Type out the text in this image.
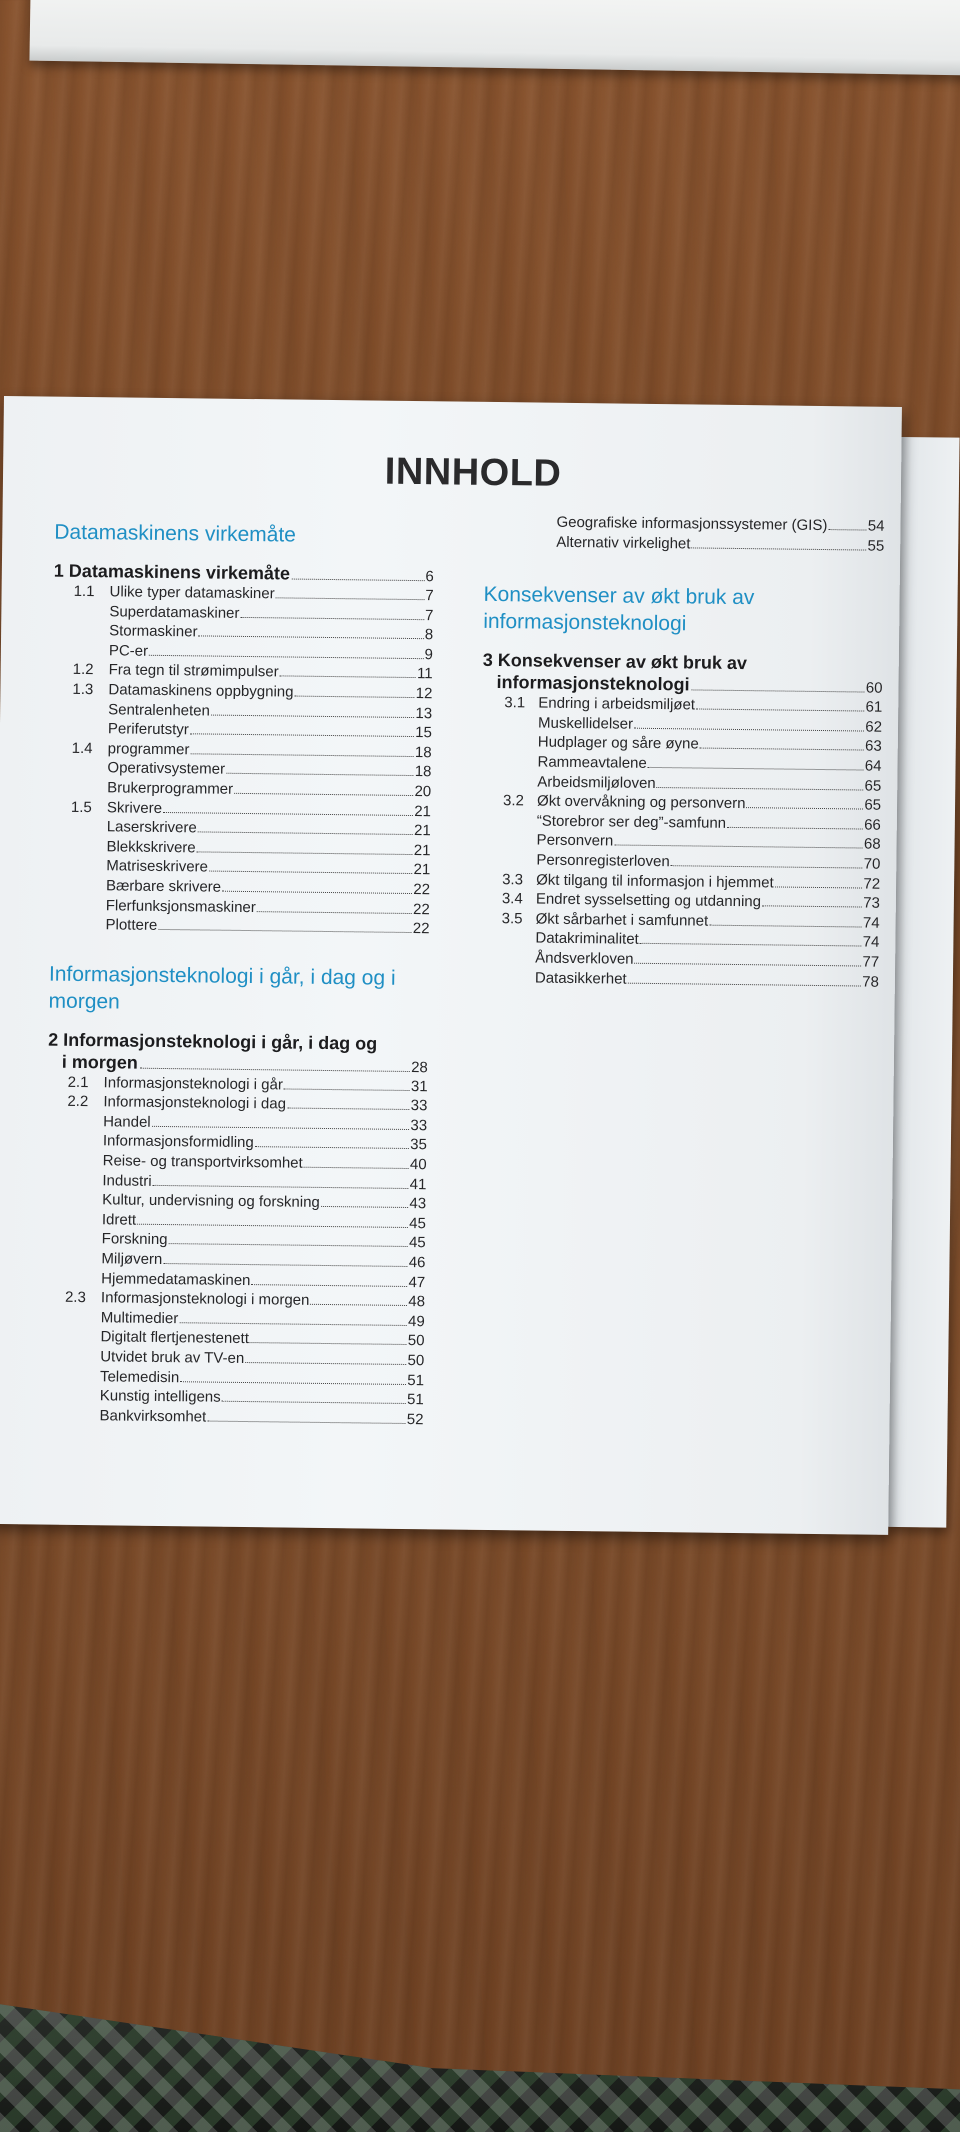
INNHOLD
Datamaskinens virkemåte
1 Datamaskinens virkemåte	6
1.1 Ulike typer datamaskiner	7
Superdatamaskiner	7
Stormaskiner	8
PC-er	9
1.2 Fra tegn til strømimpulser	11
1.3 Datamaskinens oppbygning	12
Sentralenheten	13
Periferutstyr	15
1.4 programmer	18
Operativsystemer	18
Brukerprogrammer	20
1.5 Skrivere	21
Laserskrivere	21
Blekkskrivere	21
Matriseskrivere	21
Bærbare skrivere	22
Flerfunksjonsmaskiner	22
Plottere	22
Informasjonsteknologi i går, i dag og i morgen
2 Informasjonsteknologi i går, i dag og
i morgen	28
2.1 Informasjonsteknologi i går	31
2.2 Informasjonsteknologi i dag	33
Handel	33
Informasjonsformidling	35
Reise- og transportvirksomhet	40
Industri	41
Kultur, undervisning og forskning	43
Idrett	45
Forskning	45
Miljøvern	46
Hjemmedatamaskinen	47
2.3 Informasjonsteknologi i morgen	48
Multimedier	49
Digitalt flertjenestenett	50
Utvidet bruk av TV-en	50
Telemedisin	51
Kunstig intelligens	51
Bankvirksomhet	52
Geografiske informasjonssystemer (GIS)	54
Alternativ virkelighet	55
Konsekvenser av økt bruk av informasjonsteknologi
3 Konsekvenser av økt bruk av
informasjonsteknologi	60
3.1 Endring i arbeidsmiljøet	61
Muskellidelser	62
Hudplager og såre øyne	63
Rammeavtalene	64
Arbeidsmiljøloven	65
3.2 Økt overvåkning og personvern	65
“Storebror ser deg”-samfunn	66
Personvern	68
Personregisterloven	70
3.3 Økt tilgang til informasjon i hjemmet	72
3.4 Endret sysselsetting og utdanning	73
3.5 Økt sårbarhet i samfunnet	74
Datakriminalitet	74
Åndsverkloven	77
Datasikkerhet	78
